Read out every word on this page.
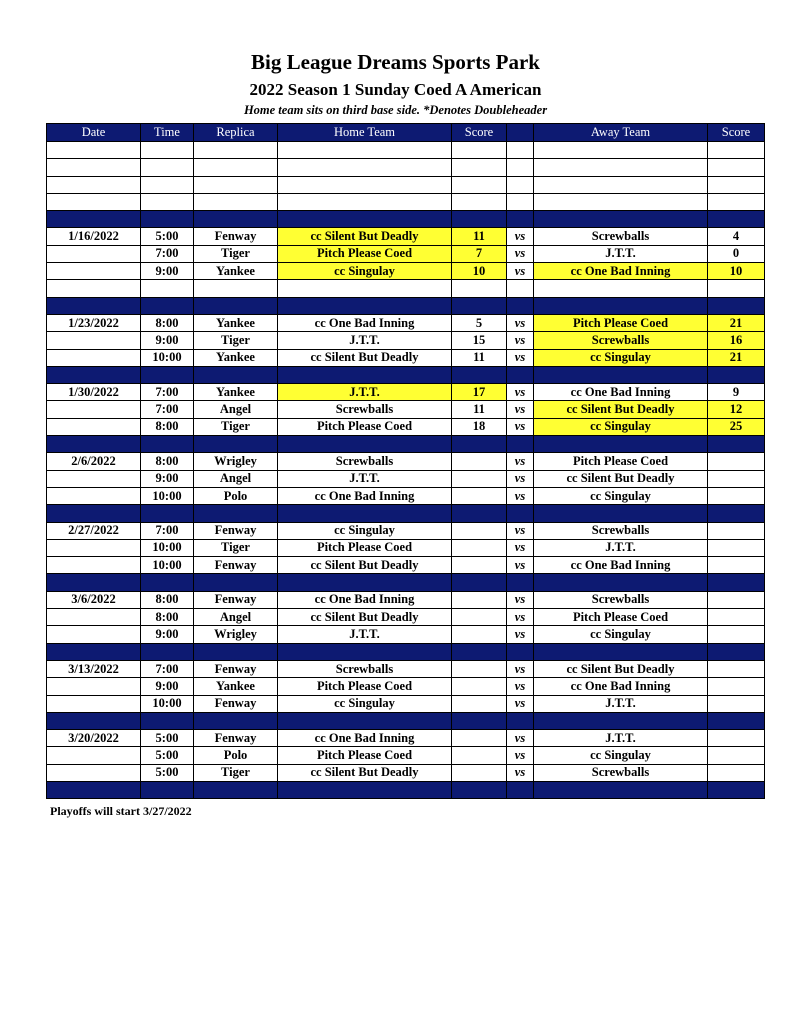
Big League Dreams Sports Park
2022 Season 1 Sunday Coed A American
Home team sits on third base side. *Denotes Doubleheader
Date	Time	Replica	Home Team	Score		Away Team	Score

1/16/2022	5:00	Fenway	cc Silent But Deadly	11	vs	Screwballs	4
	7:00	Tiger	Pitch Please Coed	7	vs	J.T.T.	0
	9:00	Yankee	cc Singulay	10	vs	cc One Bad Inning	10

1/23/2022	8:00	Yankee	cc One Bad Inning	5	vs	Pitch Please Coed	21
	9:00	Tiger	J.T.T.	15	vs	Screwballs	16
	10:00	Yankee	cc Silent But Deadly	11	vs	cc Singulay	21

1/30/2022	7:00	Yankee	J.T.T.	17	vs	cc One Bad Inning	9
	7:00	Angel	Screwballs	11	vs	cc Silent But Deadly	12
	8:00	Tiger	Pitch Please Coed	18	vs	cc Singulay	25

2/6/2022	8:00	Wrigley	Screwballs		vs	Pitch Please Coed	
	9:00	Angel	J.T.T.		vs	cc Silent But Deadly	
	10:00	Polo	cc One Bad Inning		vs	cc Singulay	

2/27/2022	7:00	Fenway	cc Singulay		vs	Screwballs	
	10:00	Tiger	Pitch Please Coed		vs	J.T.T.	
	10:00	Fenway	cc Silent But Deadly		vs	cc One Bad Inning	

3/6/2022	8:00	Fenway	cc One Bad Inning		vs	Screwballs	
	8:00	Angel	cc Silent But Deadly		vs	Pitch Please Coed	
	9:00	Wrigley	J.T.T.		vs	cc Singulay	

3/13/2022	7:00	Fenway	Screwballs		vs	cc Silent But Deadly	
	9:00	Yankee	Pitch Please Coed		vs	cc One Bad Inning	
	10:00	Fenway	cc Singulay		vs	J.T.T.	

3/20/2022	5:00	Fenway	cc One Bad Inning		vs	J.T.T.	
	5:00	Polo	Pitch Please Coed		vs	cc Singulay	
	5:00	Tiger	cc Silent But Deadly		vs	Screwballs	

Playoffs will start 3/27/2022
